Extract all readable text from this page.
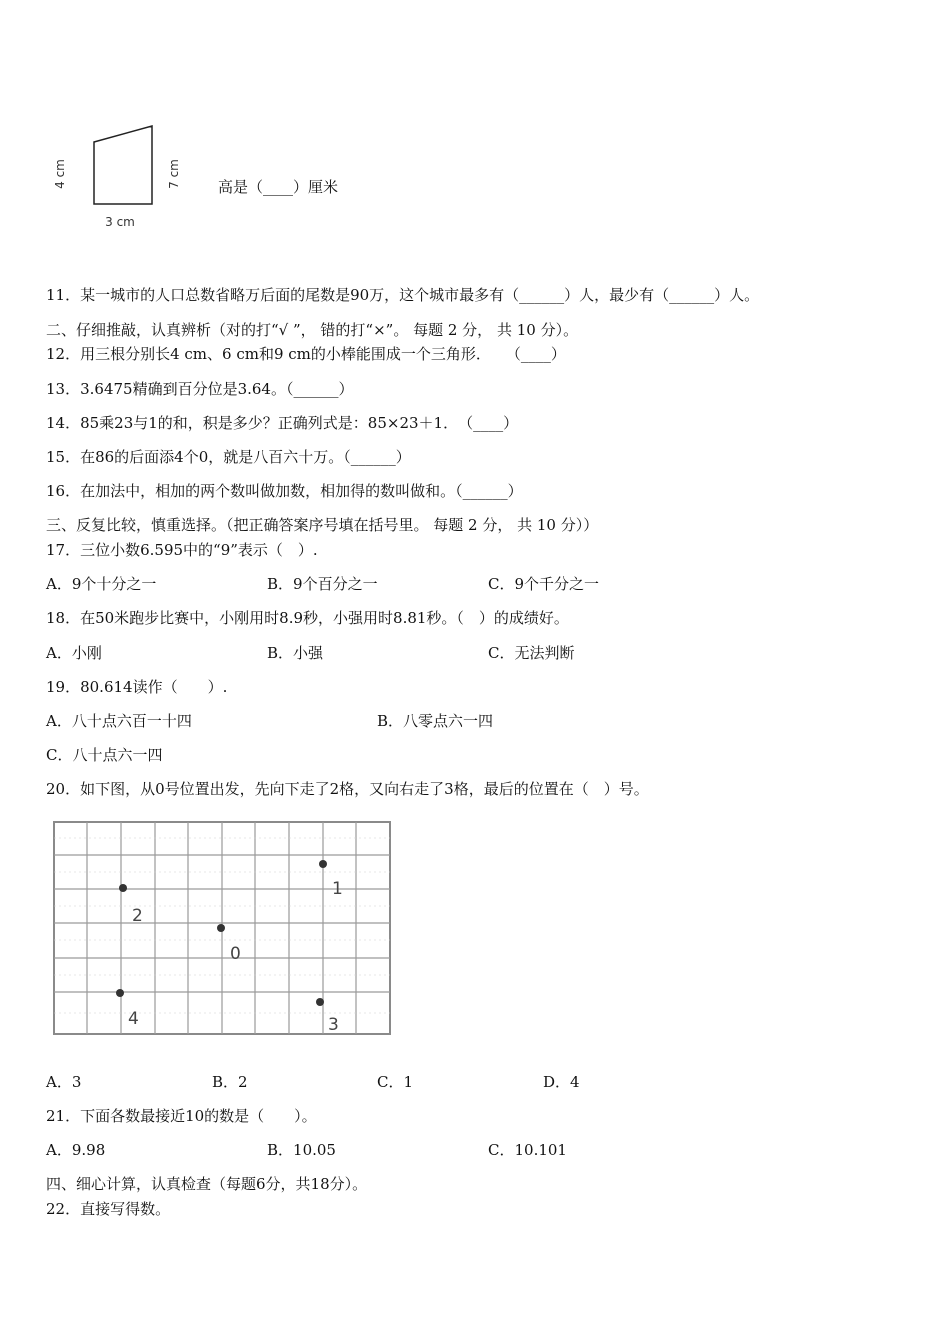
4 cm	7 cm
3 cm
高是（____）厘米
11．某一城市的人口总数省略万后面的尾数是90万，这个城市最多有（______）人，最少有（______）人。
二、仔细推敲，认真辨析（对的打“√ ”， 错的打“×”。 每题 2 分， 共 10 分）。
12．用三根分别长4 cm、6 cm和9 cm的小棒能围成一个三角形．　　（____）
13．3.6475精确到百分位是3.64。（______）
14．85乘23与1的和，积是多少？正确列式是：85×23＋1．　（____）
15．在86的后面添4个0，就是八百六十万。（______）
16．在加法中，相加的两个数叫做加数，相加得的数叫做和。（______）
三、反复比较，慎重选择。（把正确答案序号填在括号里。 每题 2 分， 共 10 分））
17．三位小数6.595中的“9”表示（　）.
A．9个十分之一	B．9个百分之一	C．9个千分之一
18．在50米跑步比赛中，小刚用时8.9秒，小强用时8.81秒。（　）的成绩好。
A．小刚	B．小强	C．无法判断
19．80.614读作（　　）.
A．八十点六百一十四	B．八零点六一四
C．八十点六一四
20．如下图，从0号位置出发，先向下走了2格，又向右走了3格，最后的位置在（　）号。
1
2
0
4	3
A．3	B．2	C．1	D．4
21．下面各数最接近10的数是（　　）。
A．9.98	B．10.05	C．10.101
四、细心计算，认真检查（每题6分，共18分）。
22．直接写得数。
